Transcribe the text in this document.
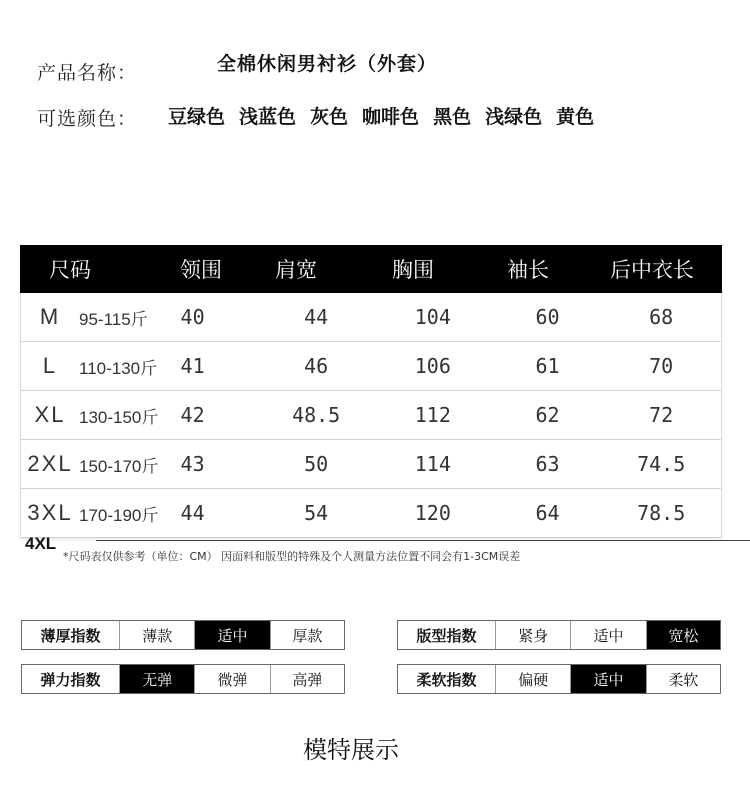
产品名称：	全棉休闲男衬衫（外套）
可选颜色： 豆绿色 浅蓝色 灰色 咖啡色 黑色 浅绿色 黄色
尺码	领围	肩宽	胸围	袖长	后中衣长
M	95-115斤 40	44	104	60	68
L	110-130斤 41	46	106	61	70
XL 130-150斤 42	48.5	112	62	72
2XL 150-170斤 43	50	114	63	74.5
3XL 170-190斤 44	54	120	64	78.5
4XL
*尺码表仅供参考（单位：CM） 因面料和版型的特殊及个人测量方法位置不同会有1-3CM误差
薄厚指数	薄款	适中	厚款
弹力指数	无弹	微弹	高弹
版型指数	紧身	适中	宽松
柔软指数	偏硬	适中	柔软
模特展示
